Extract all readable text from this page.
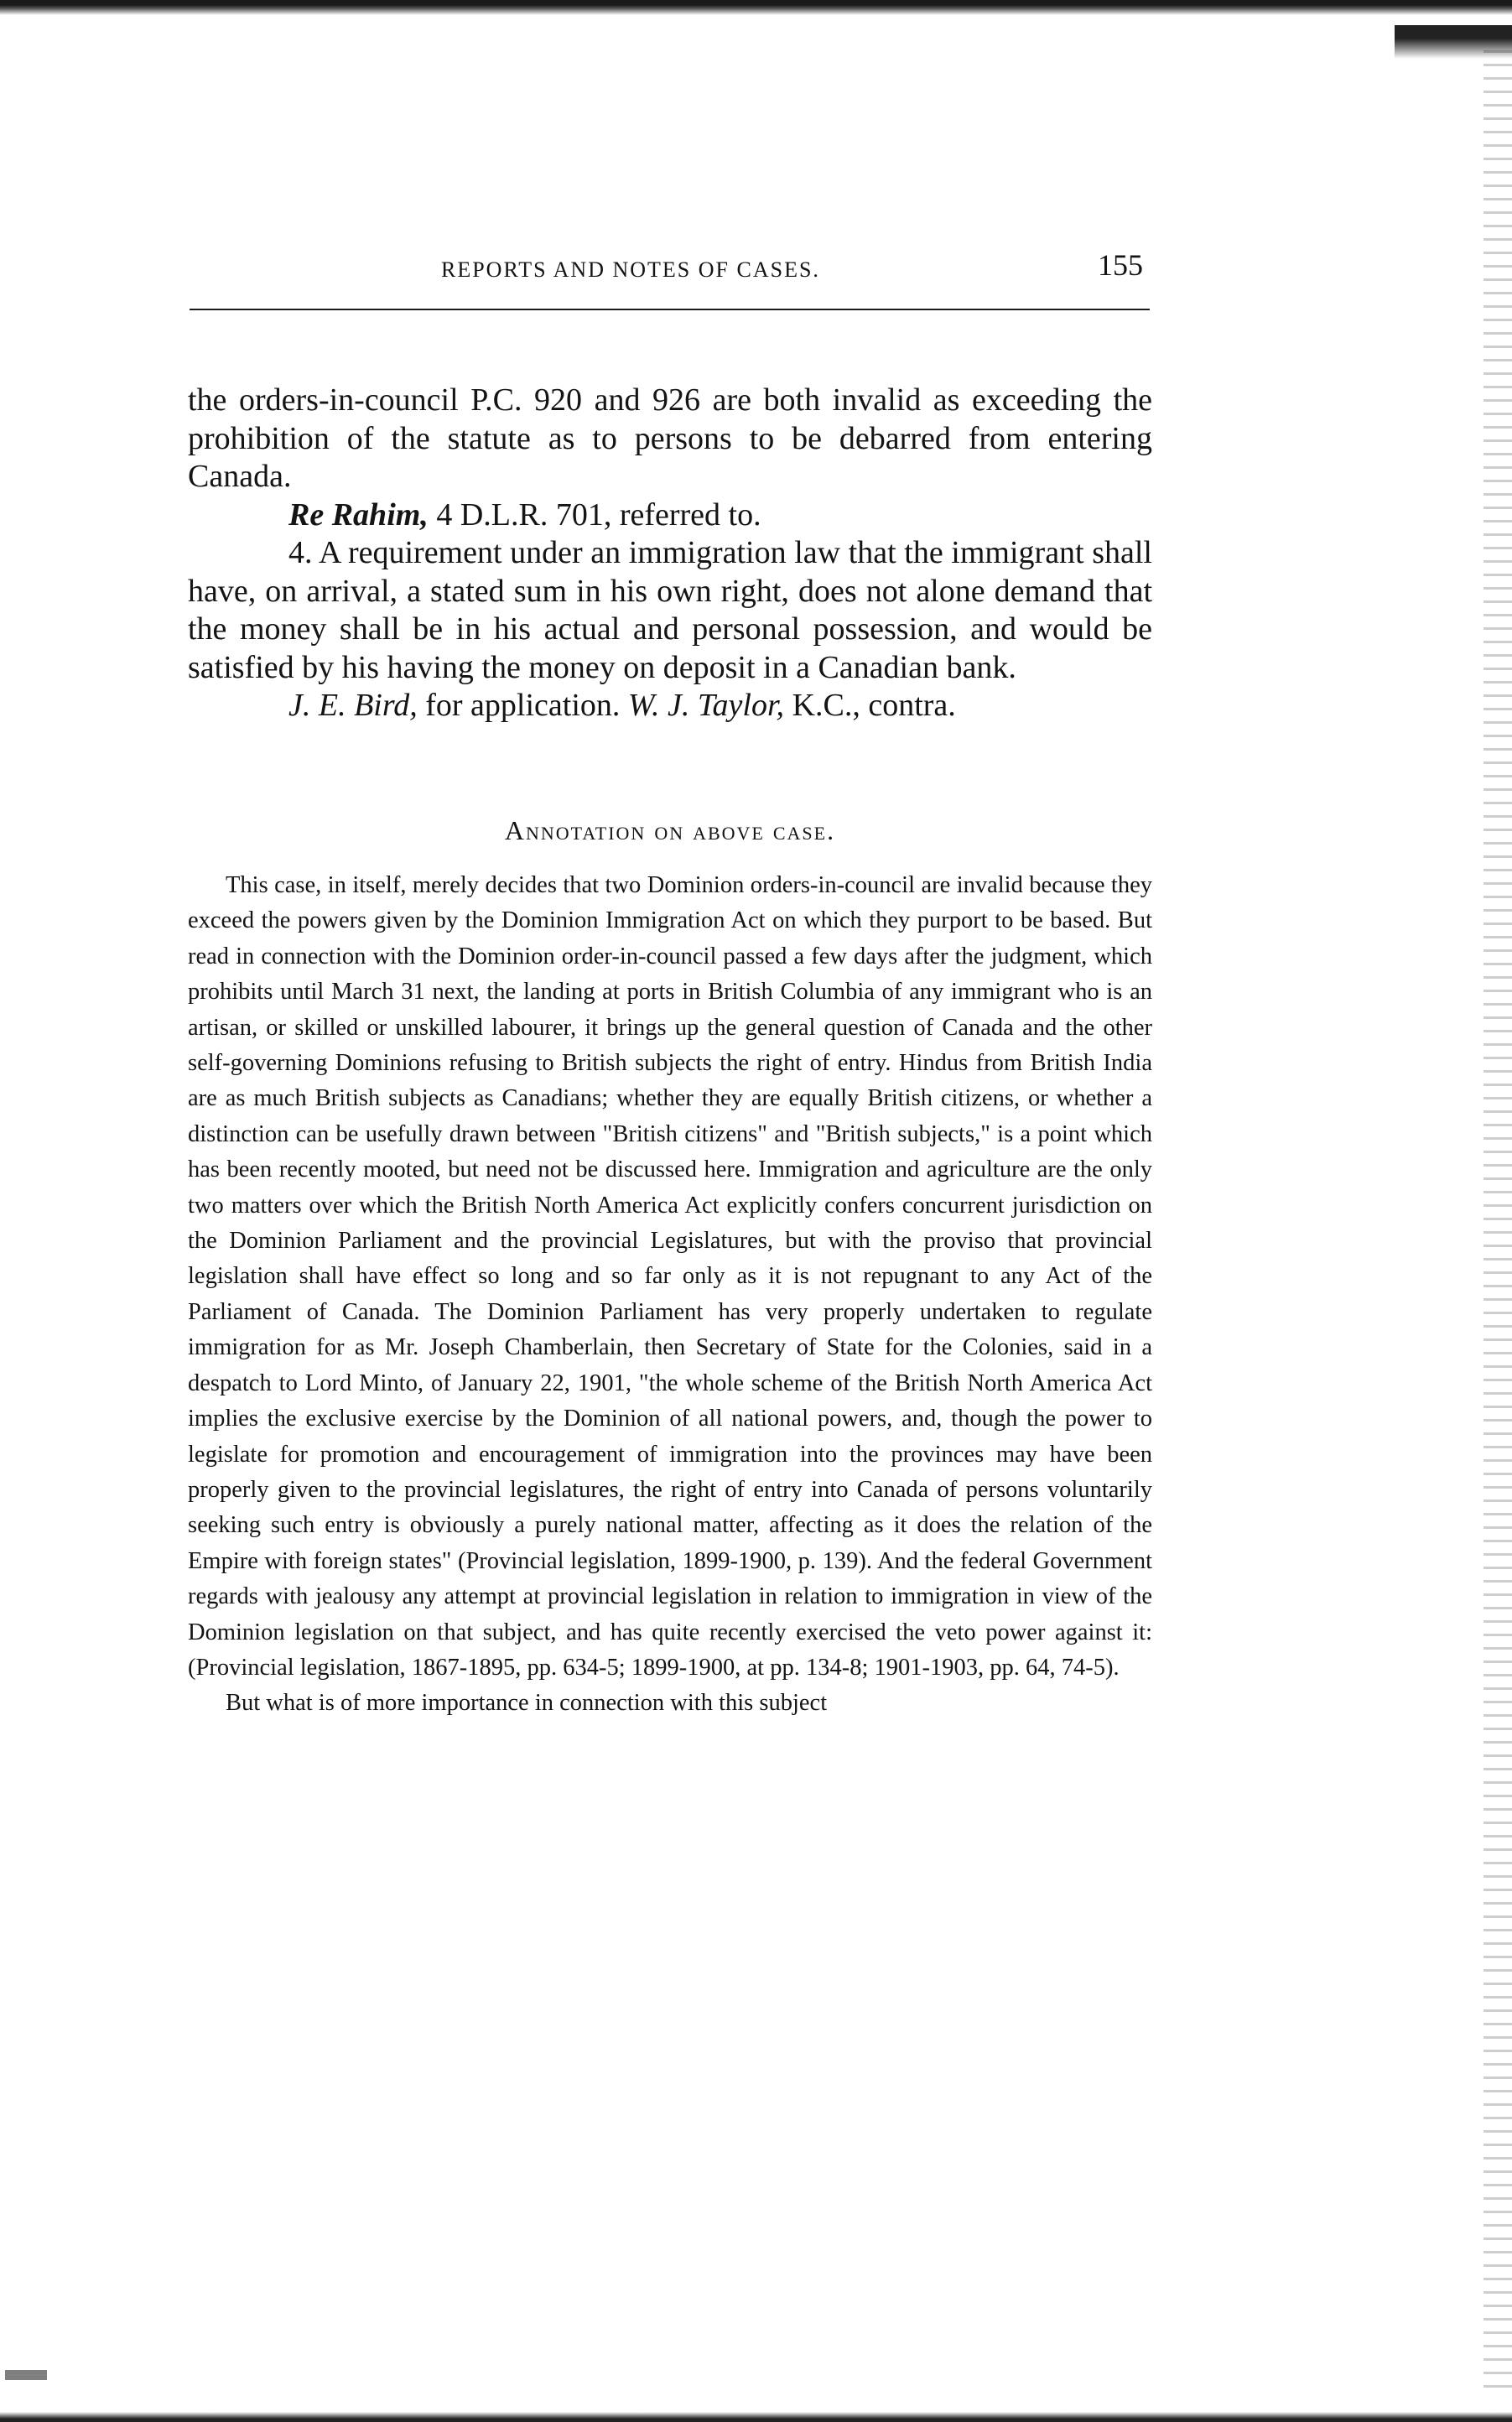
REPORTS AND NOTES OF CASES.	155

the orders-in-council P.C. 920 and 926 are both invalid as exceeding the prohibition of the statute as to persons to be debarred from entering Canada.

Re Rahim, 4 D.L.R. 701, referred to.

4. A requirement under an immigration law that the immigrant shall have, on arrival, a stated sum in his own right, does not alone demand that the money shall be in his actual and personal possession, and would be satisfied by his having the money on deposit in a Canadian bank.

J. E. Bird, for application. W. J. Taylor, K.C., contra.

Annotation on above case.

This case, in itself, merely decides that two Dominion orders-in-council are invalid because they exceed the powers given by the Dominion Immigration Act on which they purport to be based. But read in connection with the Dominion order-in-council passed a few days after the judgment, which prohibits until March 31 next, the landing at ports in British Columbia of any immigrant who is an artisan, or skilled or unskilled labourer, it brings up the general question of Canada and the other self-governing Dominions refusing to British subjects the right of entry. Hindus from British India are as much British subjects as Canadians; whether they are equally British citizens, or whether a distinction can be usefully drawn between "British citizens" and "British subjects," is a point which has been recently mooted, but need not be discussed here. Immigration and agriculture are the only two matters over which the British North America Act explicitly confers concurrent jurisdiction on the Dominion Parliament and the provincial Legislatures, but with the proviso that provincial legislation shall have effect so long and so far only as it is not repugnant to any Act of the Parliament of Canada. The Dominion Parliament has very properly undertaken to regulate immigration for as Mr. Joseph Chamberlain, then Secretary of State for the Colonies, said in a despatch to Lord Minto, of January 22, 1901, "the whole scheme of the British North America Act implies the exclusive exercise by the Dominion of all national powers, and, though the power to legislate for promotion and encouragement of immigration into the provinces may have been properly given to the provincial legislatures, the right of entry into Canada of persons voluntarily seeking such entry is obviously a purely national matter, affecting as it does the relation of the Empire with foreign states" (Provincial legislation, 1899-1900, p. 139). And the federal Government regards with jealousy any attempt at provincial legislation in relation to immigration in view of the Dominion legislation on that subject, and has quite recently exercised the veto power against it: (Provincial legislation, 1867-1895, pp. 634-5; 1899-1900, at pp. 134-8; 1901-1903, pp. 64, 74-5).

But what is of more importance in connection with this subject
